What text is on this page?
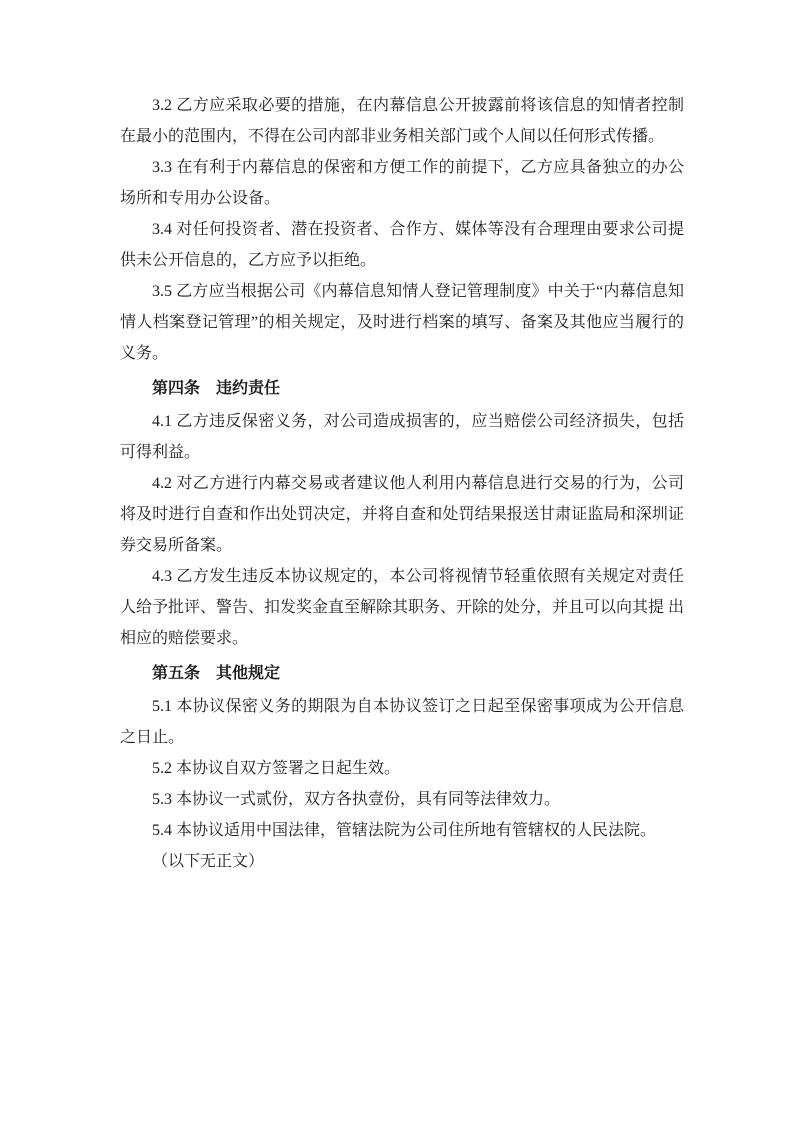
3.2 乙方应采取必要的措施，在内幕信息公开披露前将该信息的知情者控制在最小的范围内，不得在公司内部非业务相关部门或个人间以任何形式传播。

3.3 在有利于内幕信息的保密和方便工作的前提下，乙方应具备独立的办公场所和专用办公设备。

3.4 对任何投资者、潜在投资者、合作方、媒体等没有合理理由要求公司提供未公开信息的，乙方应予以拒绝。

3.5 乙方应当根据公司《内幕信息知情人登记管理制度》中关于“内幕信息知情人档案登记管理”的相关规定，及时进行档案的填写、备案及其他应当履行的义务。

第四条　违约责任

4.1 乙方违反保密义务，对公司造成损害的，应当赔偿公司经济损失，包括可得利益。

4.2 对乙方进行内幕交易或者建议他人利用内幕信息进行交易的行为，公司将及时进行自查和作出处罚决定，并将自查和处罚结果报送甘肃证监局和深圳证券交易所备案。

4.3 乙方发生违反本协议规定的，本公司将视情节轻重依照有关规定对责任人给予批评、警告、扣发奖金直至解除其职务、开除的处分，并且可以向其提 出相应的赔偿要求。

第五条　其他规定

5.1 本协议保密义务的期限为自本协议签订之日起至保密事项成为公开信息之日止。

5.2 本协议自双方签署之日起生效。

5.3 本协议一式贰份，双方各执壹份，具有同等法律效力。

5.4 本协议适用中国法律，管辖法院为公司住所地有管辖权的人民法院。

（以下无正文）
